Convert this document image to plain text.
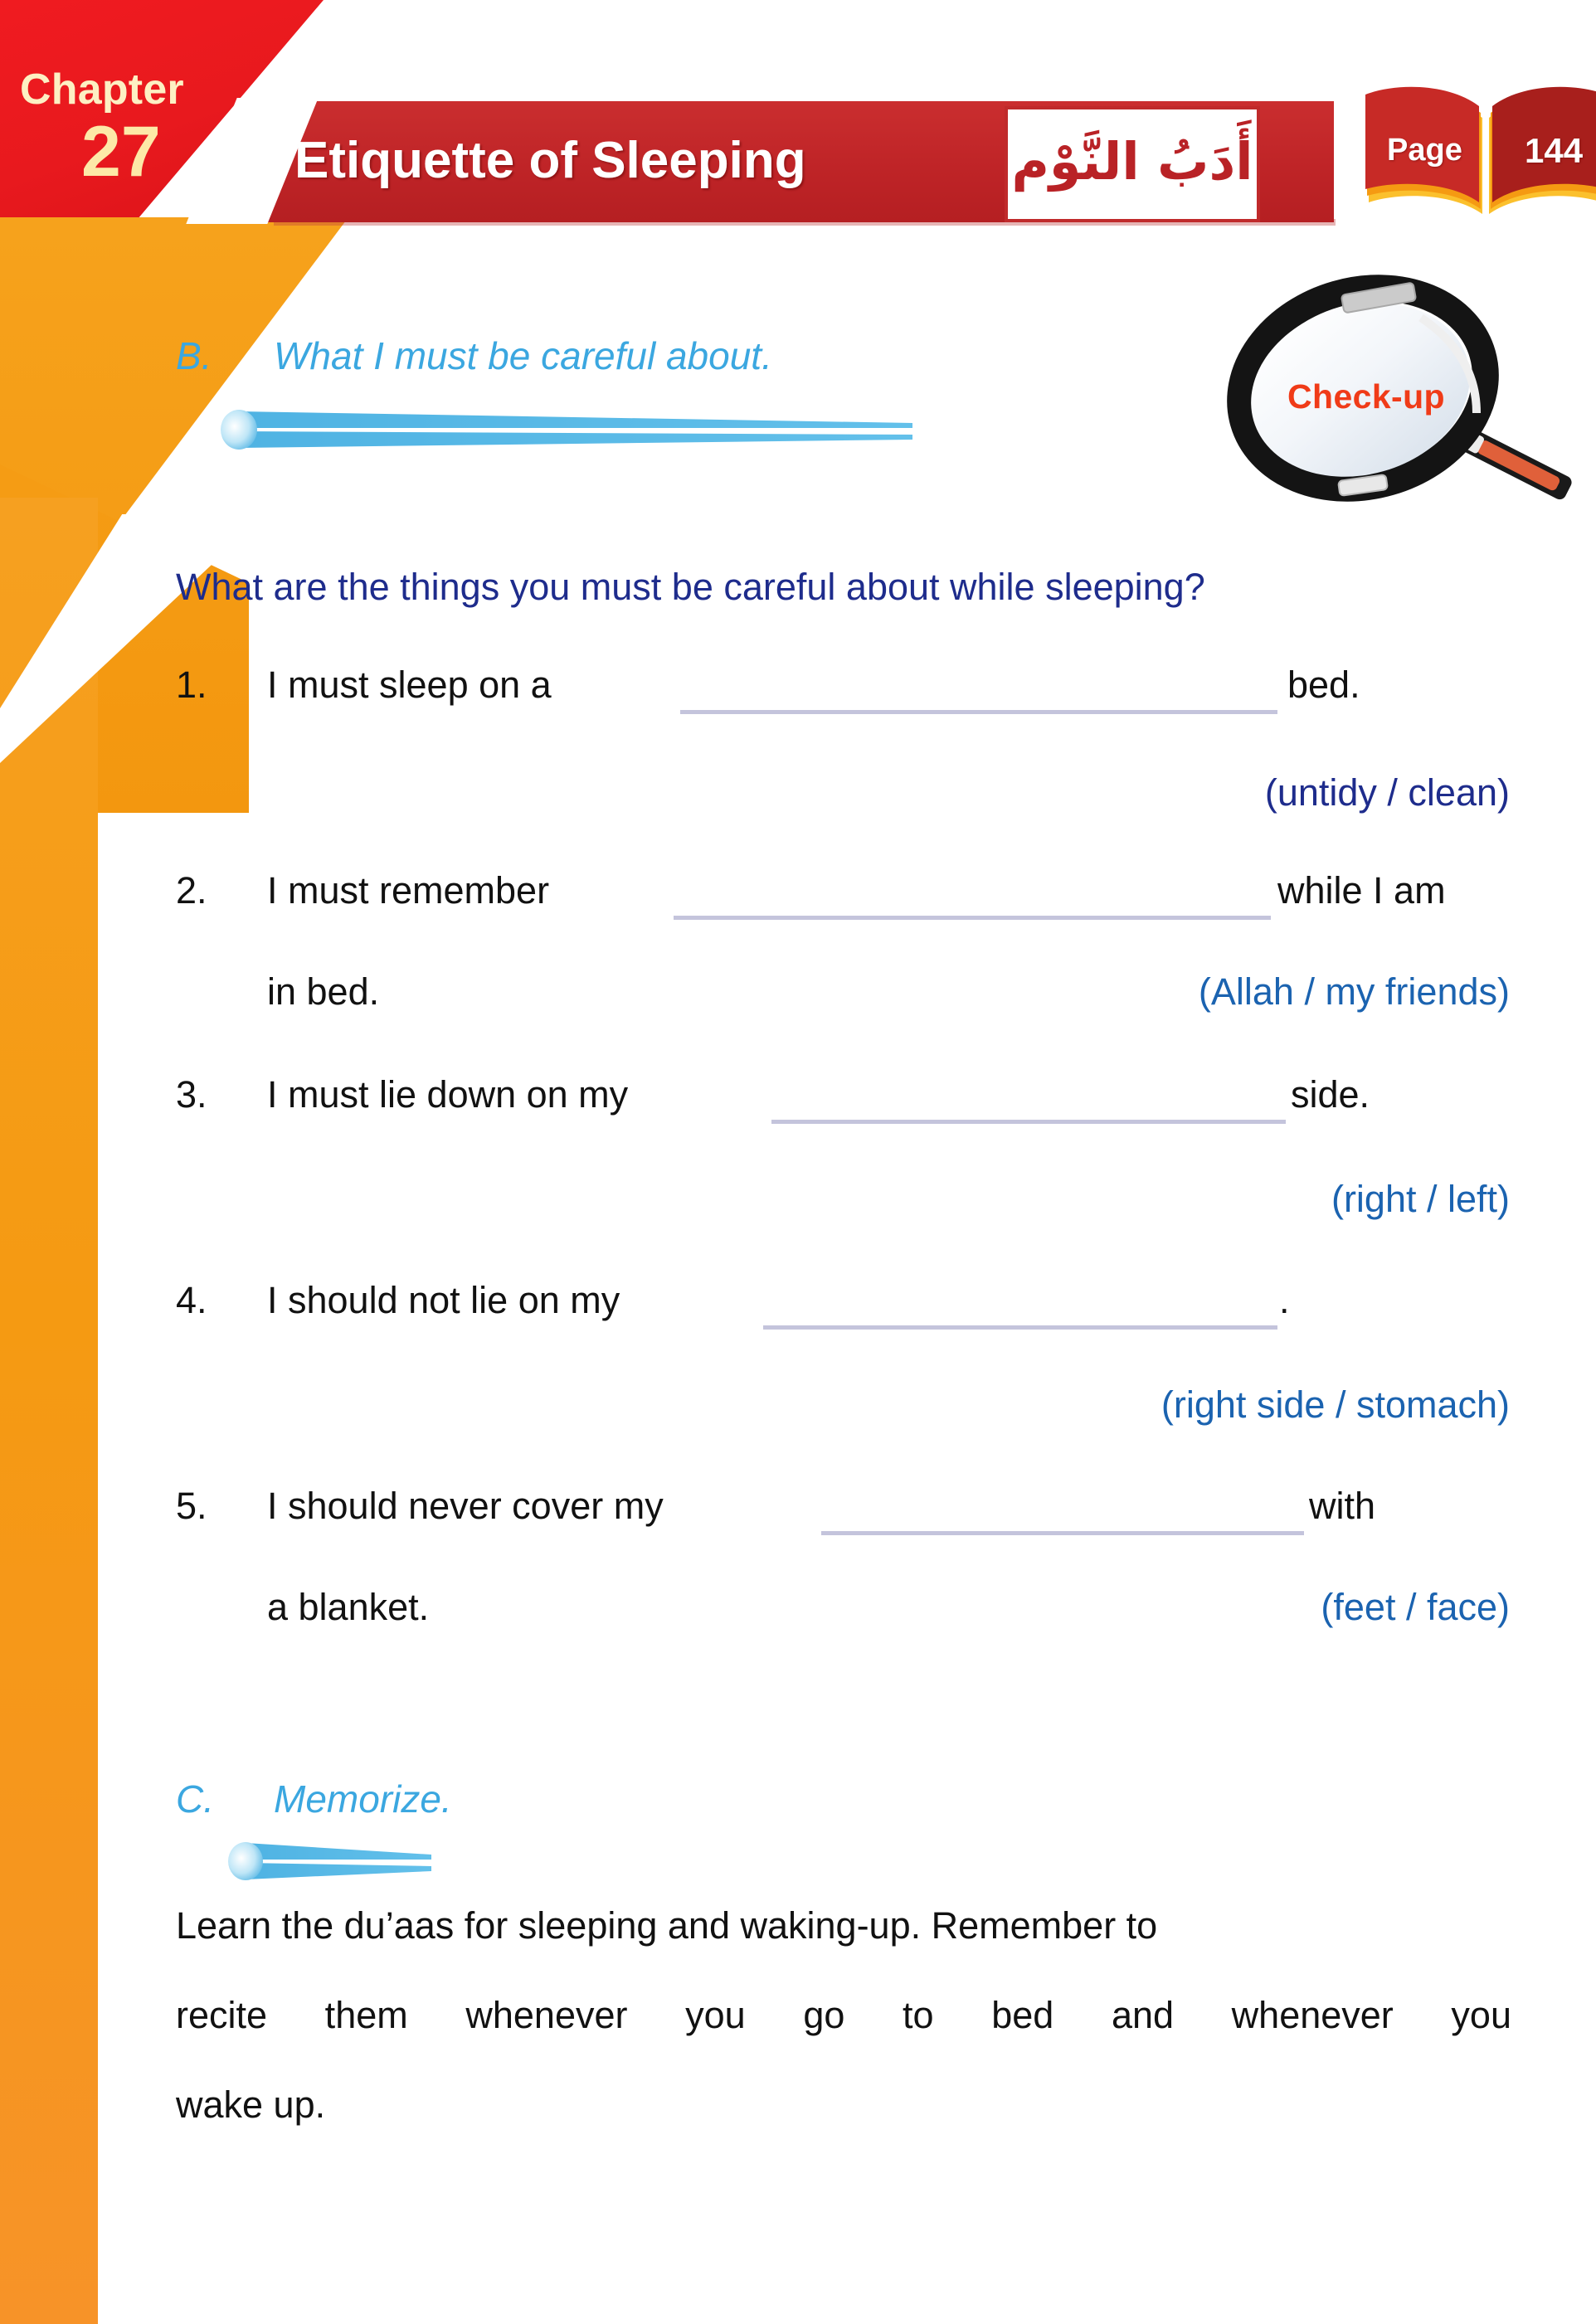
Chapter
27	Etiquette of Sleeping	أَدَبُ النَّوْم	Page 144
B. What I must be careful about.
Check-up
What are the things you must be careful about while sleeping?
1.	I must sleep on a	bed.
(untidy / clean)
2.	I must remember	while I am
in bed.	(Allah / my friends)
3.	I must lie down on my	side.
(right / left)
4.	I should not lie on my	.
(right side / stomach)
5.	I should never cover my	with
a blanket.	(feet / face)
C. Memorize.
Learn the du’aas for sleeping and waking-up. Remember to
recite them whenever you go to bed and whenever you
wake up.
